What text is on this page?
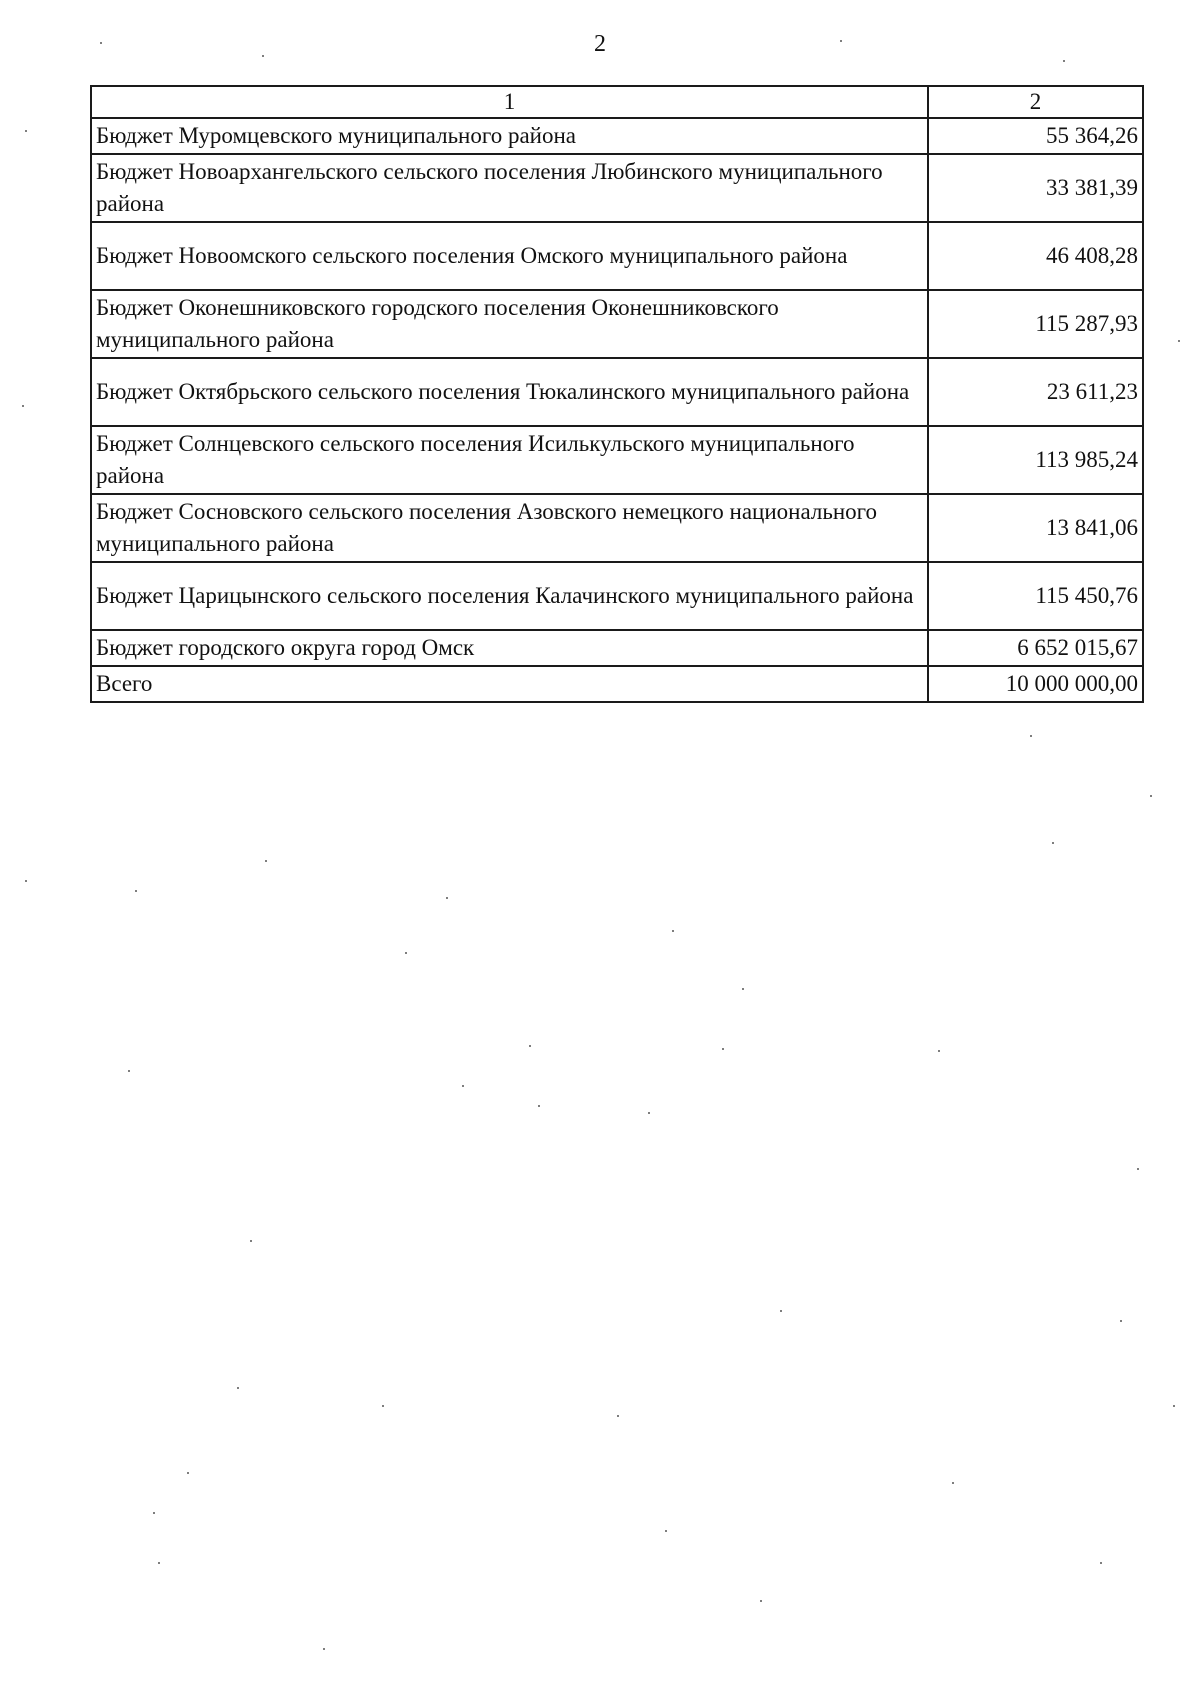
2
1	2
Бюджет Муромцевского муниципального района	55 364,26
Бюджет Новоархангельского сельского поселения Любинского муниципального района	33 381,39
Бюджет Новоомского сельского поселения Омского муниципального района	46 408,28
Бюджет Оконешниковского городского поселения Оконешниковского муниципального района	115 287,93
Бюджет Октябрьского сельского поселения Тюкалинского муниципального района	23 611,23
Бюджет Солнцевского сельского поселения Исилькульского муниципального района	113 985,24
Бюджет Сосновского сельского поселения Азовского немецкого национального муниципального района	13 841,06
Бюджет Царицынского сельского поселения Калачинского муниципального района	115 450,76
Бюджет городского округа город Омск	6 652 015,67
Всего	10 000 000,00
